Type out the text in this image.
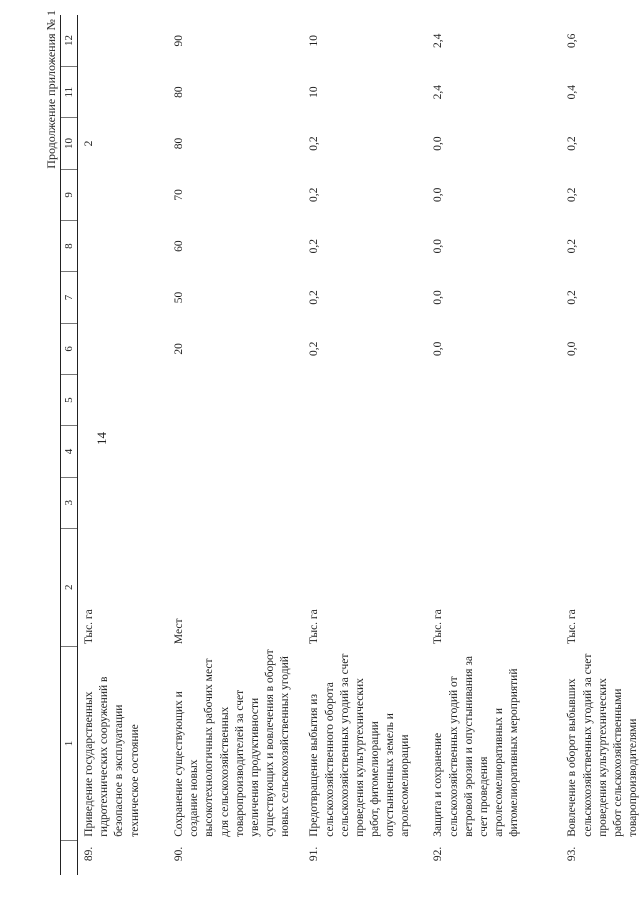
14
Продолжение приложения № 1
	1	2	3	4	5	6	7	8	9	10	11	12
89.	Приведение государственных гидротехнических сооружений в безопасное в эксплуатации техническое состояние	Тыс. га								2		
90.	Сохранение существующих и создание новых высокотехнологичных рабочих мест для сельскохозяйственных товаропроизводителей за счет увеличения продуктивности существующих и вовлечения в оборот новых сельскохозяйственных угодий	Мест				20	50	60	70	80	80	90
91.	Предотвращение выбытия из сельскохозяйственного оборота сельскохозяйственных угодий за счет проведения культуртехнических работ, фитомелиорации опустынненных земель и агролесомелиорации	Тыс. га				0,2	0,2	0,2	0,2	0,2	10	10
92.	Защита и сохранение сельскохозяйственных угодий от ветровой эрозии и опустынивания за счет проведения агролесомелиоративных и фитомелиоративных мероприятий	Тыс. га				0,0	0,0	0,0	0,0	0,0	2,4	2,4
93.	Вовлечение в оборот выбывших сельскохозяйственных угодий за счет проведения культуртехнических работ сельскохозяйственными товаропроизводителями	Тыс. га				0,0	0,2	0,2	0,2	0,2	0,4	0,6
